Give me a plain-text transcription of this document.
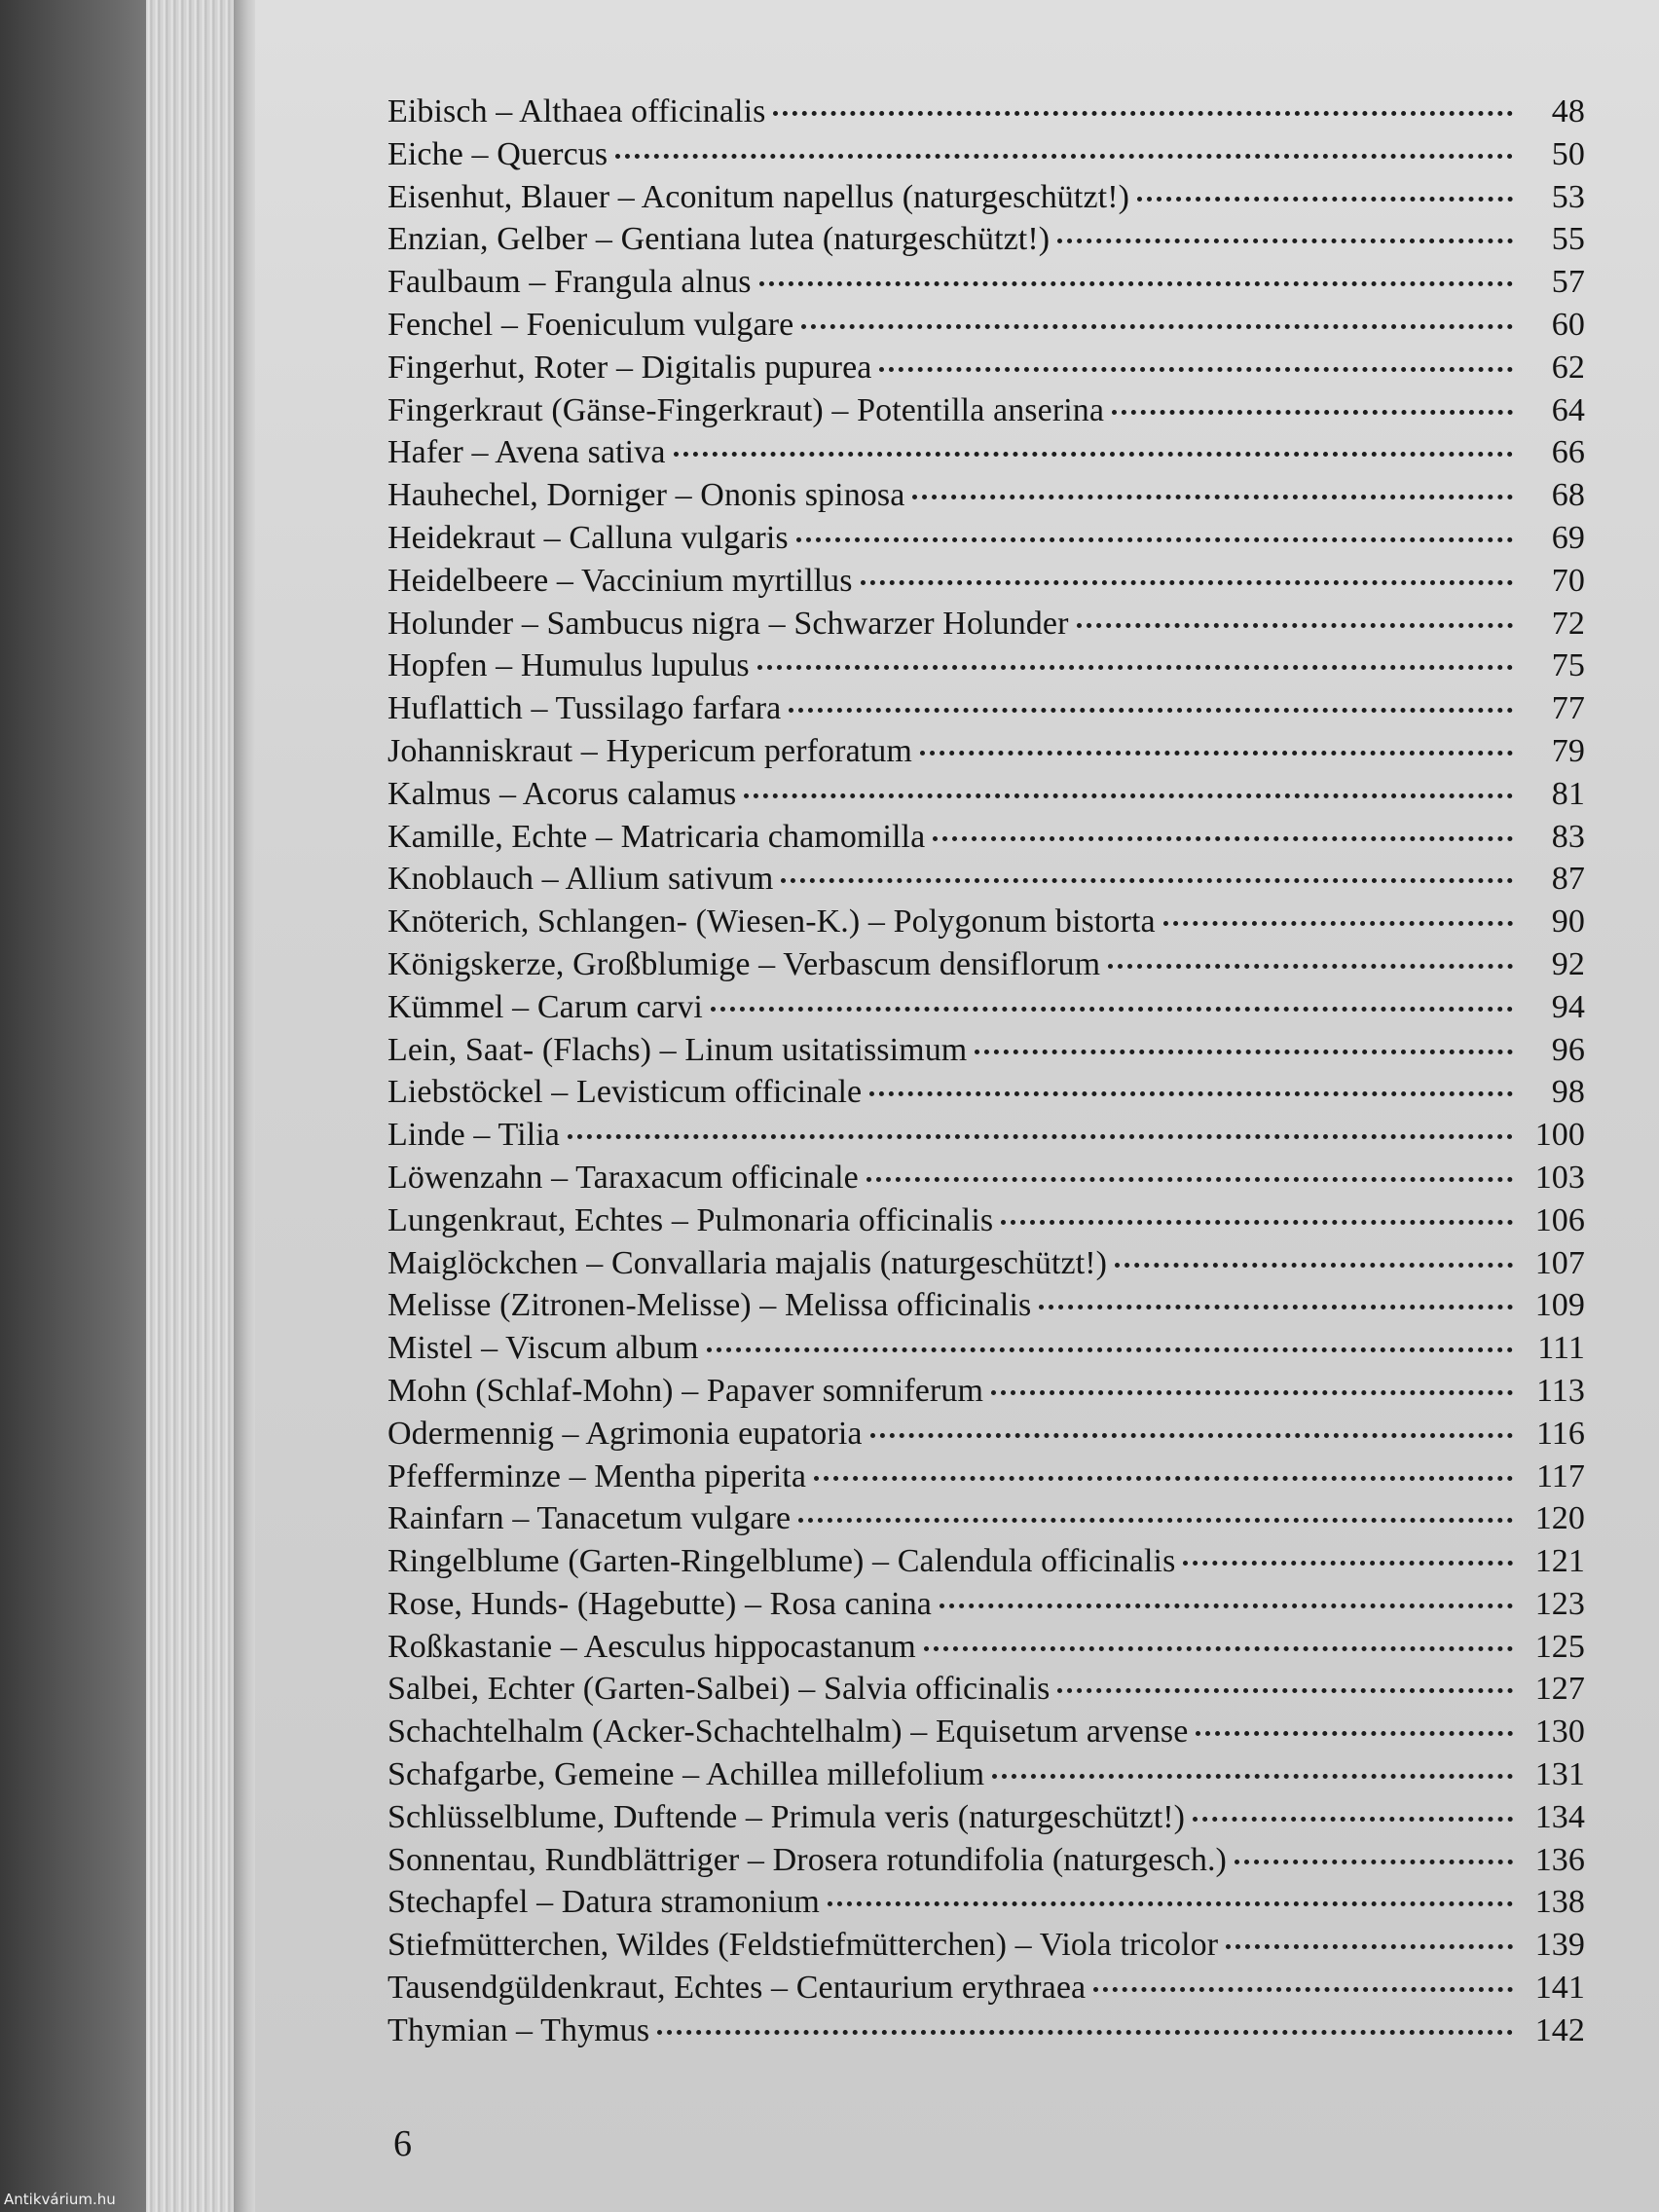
Eibisch – Althaea officinalis	48
Eiche – Quercus	50
Eisenhut, Blauer – Aconitum napellus (naturgeschützt!)	53
Enzian, Gelber – Gentiana lutea (naturgeschützt!)	55
Faulbaum – Frangula alnus	57
Fenchel – Foeniculum vulgare	60
Fingerhut, Roter – Digitalis pupurea	62
Fingerkraut (Gänse-Fingerkraut) – Potentilla anserina	64
Hafer – Avena sativa	66
Hauhechel, Dorniger – Ononis spinosa	68
Heidekraut – Calluna vulgaris	69
Heidelbeere – Vaccinium myrtillus	70
Holunder – Sambucus nigra – Schwarzer Holunder	72
Hopfen – Humulus lupulus	75
Huflattich – Tussilago farfara	77
Johanniskraut – Hypericum perforatum	79
Kalmus – Acorus calamus	81
Kamille, Echte – Matricaria chamomilla	83
Knoblauch – Allium sativum	87
Knöterich, Schlangen- (Wiesen-K.) – Polygonum bistorta	90
Königskerze, Großblumige – Verbascum densiflorum	92
Kümmel – Carum carvi	94
Lein, Saat- (Flachs) – Linum usitatissimum	96
Liebstöckel – Levisticum officinale	98
Linde – Tilia	100
Löwenzahn – Taraxacum officinale	103
Lungenkraut, Echtes – Pulmonaria officinalis	106
Maiglöckchen – Convallaria majalis (naturgeschützt!)	107
Melisse (Zitronen-Melisse) – Melissa officinalis	109
Mistel – Viscum album	111
Mohn (Schlaf-Mohn) – Papaver somniferum	113
Odermennig – Agrimonia eupatoria	116
Pfefferminze – Mentha piperita	117
Rainfarn – Tanacetum vulgare	120
Ringelblume (Garten-Ringelblume) – Calendula officinalis	121
Rose, Hunds- (Hagebutte) – Rosa canina	123
Roßkastanie – Aesculus hippocastanum	125
Salbei, Echter (Garten-Salbei) – Salvia officinalis	127
Schachtelhalm (Acker-Schachtelhalm) – Equisetum arvense	130
Schafgarbe, Gemeine – Achillea millefolium	131
Schlüsselblume, Duftende – Primula veris (naturgeschützt!)	134
Sonnentau, Rundblättriger – Drosera rotundifolia (naturgesch.)	136
Stechapfel – Datura stramonium	138
Stiefmütterchen, Wildes (Feldstiefmütterchen) – Viola tricolor	139
Tausendgüldenkraut, Echtes – Centaurium erythraea	141
Thymian – Thymus	142
6
Antikvárium.hu
